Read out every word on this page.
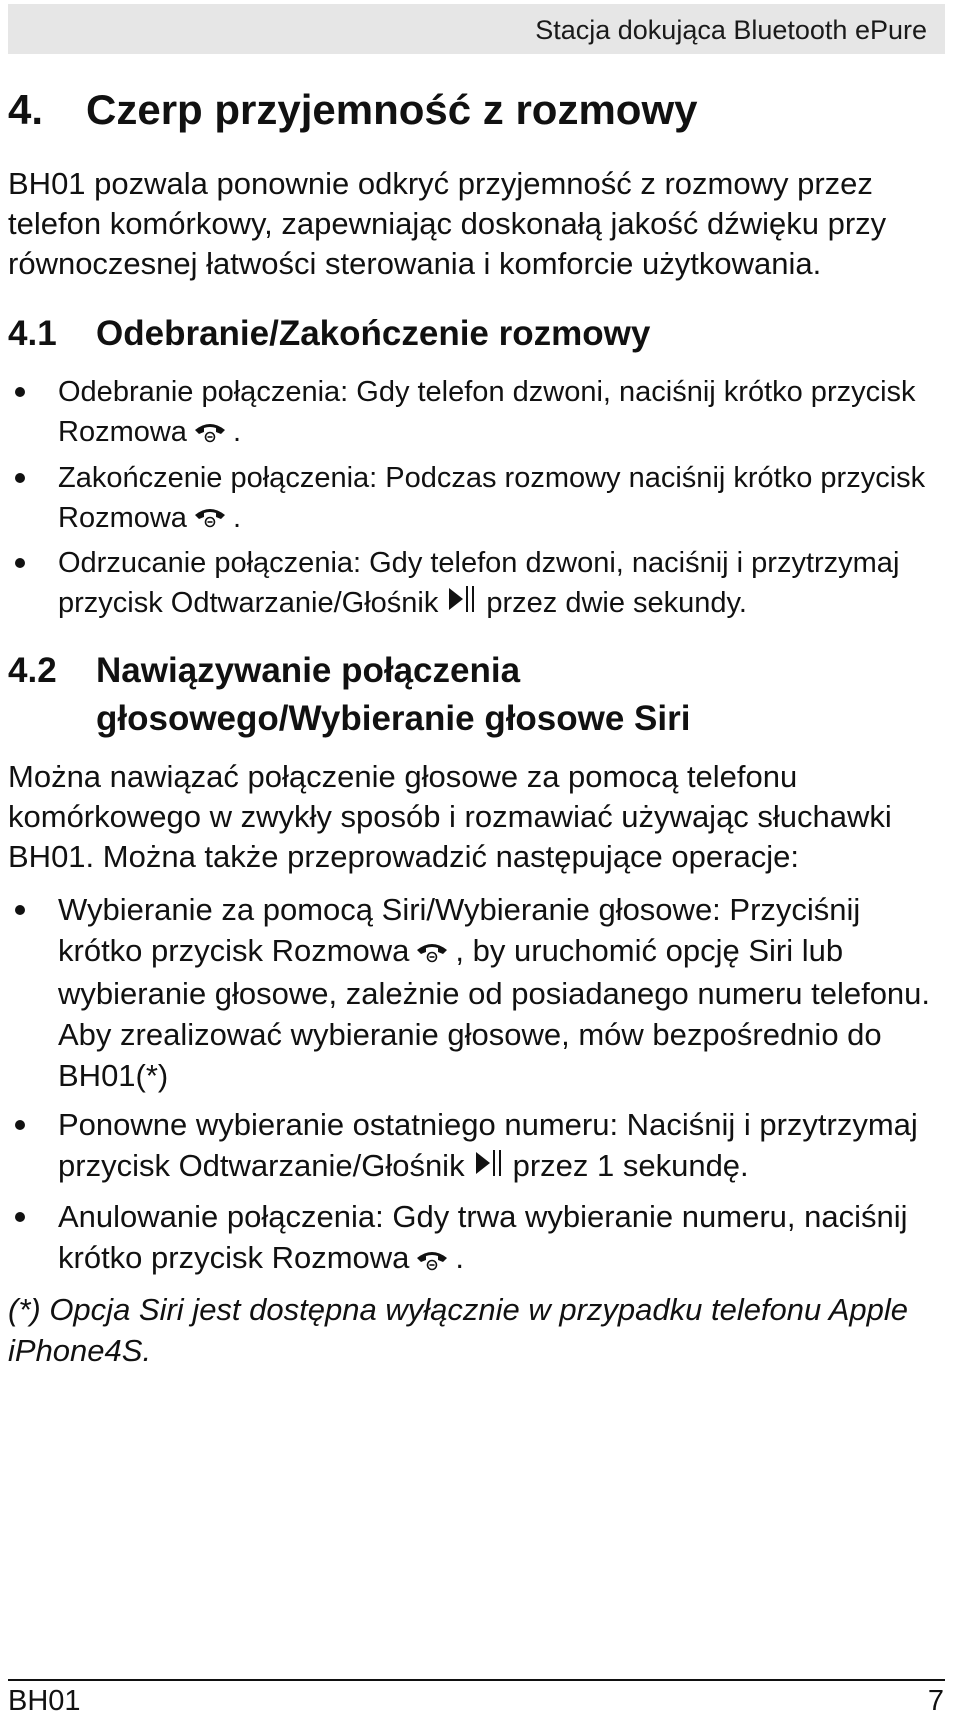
Stacja dokująca Bluetooth ePure
4.	Czerp przyjemność z rozmowy

BH01 pozwala ponownie odkryć przyjemność z rozmowy przez telefon komórkowy, zapewniając doskonałą jakość dźwięku przy równoczesnej łatwości sterowania i komforcie użytkowania.

4.1	Odebranie/Zakończenie rozmowy
Odebranie połączenia: Gdy telefon dzwoni, naciśnij krótko przycisk Rozmowa .
Zakończenie połączenia: Podczas rozmowy naciśnij krótko przycisk Rozmowa .
Odrzucanie połączenia: Gdy telefon dzwoni, naciśnij i przytrzymaj przycisk Odtwarzanie/Głośnik przez dwie sekundy.
4.2	Nawiązywanie połączenia
głosowego/Wybieranie głosowe Siri

Można nawiązać połączenie głosowe za pomocą telefonu komórkowego w zwykły sposób i rozmawiać używając słuchawki BH01. Można także przeprowadzić następujące operacje:

Wybieranie za pomocą Siri/Wybieranie głosowe: Przyciśnij krótko przycisk Rozmowa , by uruchomić opcję Siri lub wybieranie głosowe, zależnie od posiadanego numeru telefonu. Aby zrealizować wybieranie głosowe, mów bezpośrednio do BH01(*)
Ponowne wybieranie ostatniego numeru: Naciśnij i przytrzymaj przycisk Odtwarzanie/Głośnik przez 1 sekundę.
Anulowanie połączenia: Gdy trwa wybieranie numeru, naciśnij krótko przycisk Rozmowa .

(*) Opcja Siri jest dostępna wyłącznie w przypadku telefonu Apple iPhone4S.

BH01	7
